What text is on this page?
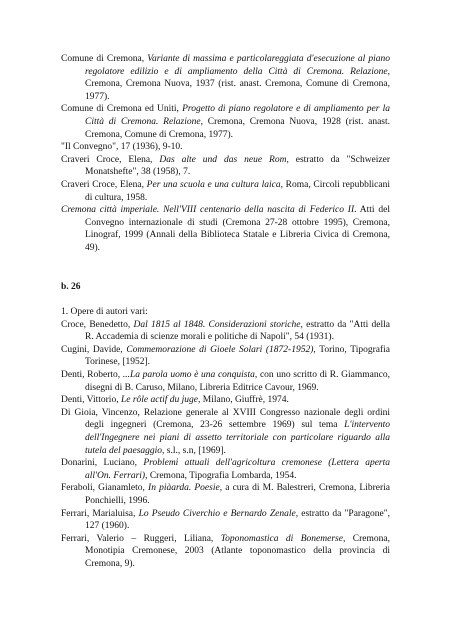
Comune di Cremona, Variante di massima e particolareggiata d'esecuzione al piano regolatore edilizio e di ampliamento della Città di Cremona. Relazione, Cremona, Cremona Nuova, 1937 (rist. anast. Cremona, Comune di Cremona, 1977).

Comune di Cremona ed Uniti, Progetto di piano regolatore e di ampliamento per la Città di Cremona. Relazione, Cremona, Cremona Nuova, 1928 (rist. anast. Cremona, Comune di Cremona, 1977).

"Il Convegno", 17 (1936), 9-10.

Craveri Croce, Elena, Das alte und das neue Rom, estratto da "Schweizer Monatshefte", 38 (1958), 7.

Craveri Croce, Elena, Per una scuola e una cultura laica, Roma, Circoli repubblicani di cultura, 1958.

Cremona città imperiale. Nell'VIII centenario della nascita di Federico II. Atti del Convegno internazionale di studi (Cremona 27-28 ottobre 1995), Cremona, Linograf, 1999 (Annali della Biblioteca Statale e Libreria Civica di Cremona, 49).

b. 26

1. Opere di autori vari:

Croce, Benedetto, Dal 1815 al 1848. Considerazioni storiche, estratto da "Atti della R. Accademia di scienze morali e politiche di Napoli", 54 (1931).

Cugini, Davide, Commemorazione di Gioele Solari (1872-1952), Torino, Tipografia Torinese, [1952].

Denti, Roberto, ...La parola uomo è una conquista, con uno scritto di R. Giammanco, disegni di B. Caruso, Milano, Libreria Editrice Cavour, 1969.

Denti, Vittorio, Le rôle actif du juge, Milano, Giuffrè, 1974.

Di Gioia, Vincenzo, Relazione generale al XVIII Congresso nazionale degli ordini degli ingegneri (Cremona, 23-26 settembre 1969) sul tema L'intervento dell'Ingegnere nei piani di assetto territoriale con particolare riguardo alla tutela del paesaggio, s.l., s.n, [1969].

Donarini, Luciano, Problemi attuali dell'agricoltura cremonese (Lettera aperta all'On. Ferrari), Cremona, Tipografia Lombarda, 1954.

Feraboli, Gianamleto, In piàarda. Poesie, a cura di M. Balestreri, Cremona, Libreria Ponchielli, 1996.

Ferrari, Marialuisa, Lo Pseudo Civerchio e Bernardo Zenale, estratto da "Paragone", 127 (1960).

Ferrari, Valerio – Ruggeri, Liliana, Toponomastica di Bonemerse, Cremona, Monotipia Cremonese, 2003 (Atlante toponomastico della provincia di Cremona, 9).
